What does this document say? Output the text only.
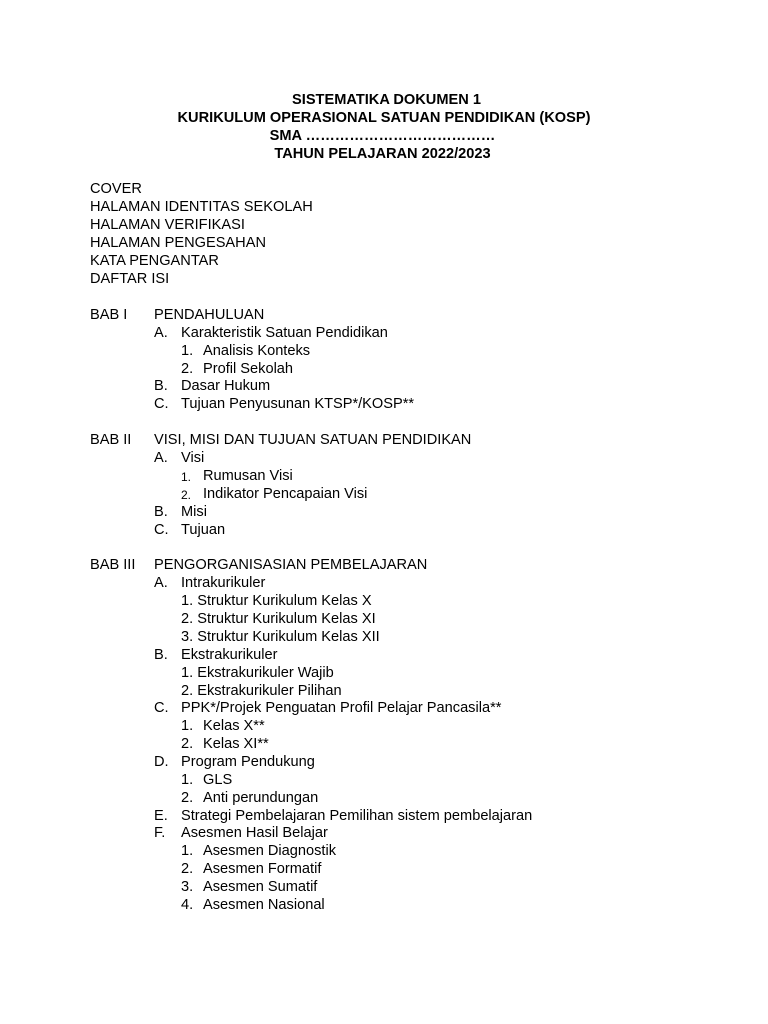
SISTEMATIKA DOKUMEN 1
KURIKULUM OPERASIONAL SATUAN PENDIDIKAN (KOSP)
SMA …………………………………
TAHUN PELAJARAN 2022/2023
COVER
HALAMAN IDENTITAS SEKOLAH
HALAMAN VERIFIKASI
HALAMAN PENGESAHAN
KATA PENGANTAR
DAFTAR ISI
BAB I PENDAHULUAN
A. Karakteristik Satuan Pendidikan
1. Analisis Konteks
2. Profil Sekolah
B. Dasar Hukum
C. Tujuan Penyusunan KTSP*/KOSP**
BAB II VISI, MISI DAN TUJUAN SATUAN PENDIDIKAN
A. Visi
1. Rumusan Visi
2. Indikator Pencapaian Visi
B. Misi
C. Tujuan
BAB III PENGORGANISASIAN PEMBELAJARAN
A. Intrakurikuler
1. Struktur Kurikulum Kelas X
2. Struktur Kurikulum Kelas XI
3. Struktur Kurikulum Kelas XII
B. Ekstrakurikuler
1. Ekstrakurikuler Wajib
2. Ekstrakurikuler Pilihan
C. PPK*/Projek Penguatan Profil Pelajar Pancasila**
1. Kelas X**
2. Kelas XI**
D. Program Pendukung
1. GLS
2. Anti perundungan
E. Strategi Pembelajaran Pemilihan sistem pembelajaran
F. Asesmen Hasil Belajar
1. Asesmen Diagnostik
2. Asesmen Formatif
3. Asesmen Sumatif
4. Asesmen Nasional
